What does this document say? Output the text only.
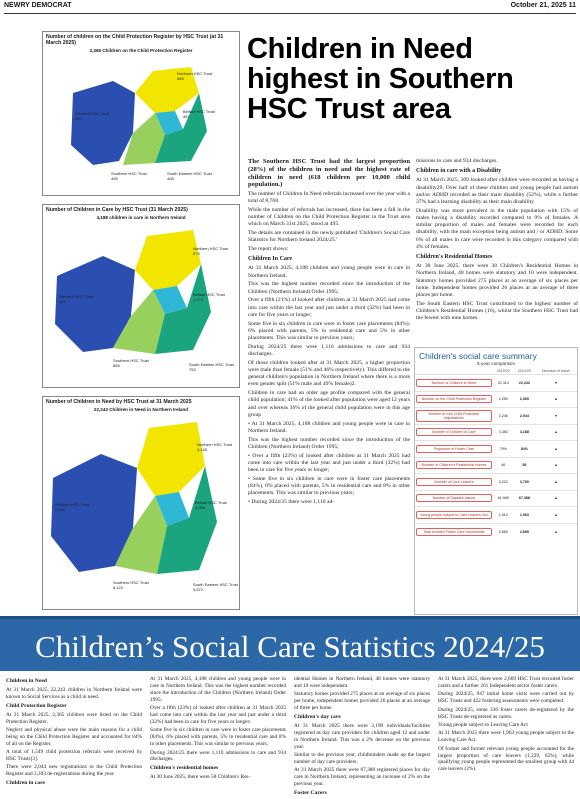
NEWRY DEMOCRAT	October 21, 2025 11
Number of children on the Child Protection Register by HSC Trust (at 31 March 2025)
2,365 Children on the Child Protection Register
Western HSC Trust 450
Northern HSC Trust 555
Belfast HSC Trust 457
Southern HSC Trust 495
South Eastern HSC Trust 408
Number of Children in Care by HSC Trust (31 March 2025)
4,188 children in care in Northern Ireland
Western HSC Trust 528
Northern HSC Trust 879
Belfast HSC Trust 1,172
Southern HSC Trust 856	South Eastern HSC Trust 753
Number of Children in Need by HSC Trust at 31 March 2025
22,243 Children in Need in Northern Ireland
Western HSC Trust 4,248
Northern HSC Trust 4,145
Belfast HSC Trust 4,056
Southern HSC Trust 6,122
South Eastern HSC Trust 3,672
Children in Need highest in Southern HSC Trust area

The Southern HSC Trust had the largest proportion (28%) of the children in need and the highest rate of children in need (618 children per 10,000 child population.)

The number of Children In Need referrals increased over the year with a total of 8,768.

While the number of referrals has increased, there has been a fall in the number of Children on the Child Protection Register in the Trust area which on March 31st 2025, stood at 495.

The details are contained in the newly published 'Children's Social Care Statistics for Northern Ireland 2024/25.'

The report shows:

Children In Care

At 31 March 2025, 4,188 children and young people were in care in Northern Ireland.

This was the highest number recorded since the introduction of the Children (Northern Ireland) Order 1995;

Over a fifth (21%) of looked after children at 31 March 2025 had come into care within the last year and just under a third (32%) had been in care for five years or longer;

Some five in six children in care were in foster care placements (84%), 6% placed with parents, 5% in residential care and 5% in other placements. This was similar to previous years;

During 2024/25 there were 1,110 admissions to care and 934 discharges.

Of those children looked after at 31 March 2025, a higher proportion were male than female (51% and 46% respectively). This differed to the general children's population in Northern Ireland where there is a more even gender split (51% male and 49% female)2.

Children in care had an older age profile compared with the general child population; 41% of the looked after population were aged 12 years and over whereas 36% of the general child population were in this age group

• At 31 March 2025, 4,188 children and young people were in care in Northern Ireland.

This was the highest number recorded since the introduction of the Children (Northern Ireland) Order 1995;

• Over a fifth (23%) of looked after children at 31 March 2025 had come into care within the last year and just under a third (32%) had been in care for five years or longer;

• Some five in six children in care were in foster care placements (84%), 6% placed with parents, 5% in residential care and 8% in other placements. This was similar to previous years;

• During 2024/25 there were 1,110 ad-

missions to care and 934 discharges.

Children in care with a Disability

At 31 March 2025, 309 looked after children were recorded as having a disability29. Over half of these children and young people had autism and/or ADHD recorded as their main disability (52%), while a further 37% had a learning disability as their main disability

Disability was more prevalent in the male population with 15% of males having a disability recorded compared to 9% of females. A similar proportion of males and females were recorded for each disability, with the main exception being autism and / or ADHD. Some 6% of all males in care were recorded in this category compared with 4% of females.

Children's Residential Homes

At 30 June 2025, there were 38 Children's Residential Homes in Northern Ireland, 48 homes were statutory and 10 were independent. Statutory homes provided 275 places at an average of six places per home. Independent homes provided 26 places at an average of three places per home.

The South Eastern HSC Trust contributed to the highest number of Children's Residential Homes (16), whilst the Southern HSC Trust had the fewest with nine homes.

Children's social care summary
5-year comparison
	2019/20	2024/25	Direction of travel

Number of Children in Need	22,414	22,243	▼

Number on the Child Protection Register	2,250	2,365	▲

Number of new Child Protection registrations	2,246	2,044	▼

Number of Children in Care	3,383	4,188	▲

Proportion in Foster Care	79%	84%	▲

Number of Children's Residential Homes	46	58	▲

Number of Care Leavers	3,222	3,790	▲

Number of Daycare places	61,969	67,388	▲

Young people subject to Care Leavers' Act	1,912	1,963	▲

Total enrolled Foster Care Households	2,669	2,689	▲
Children’s Social Care Statistics 2024/25
Children in Need

At 31 March 2025, 22,243 children in Northern Ireland were known to Social Services as a child in need.

Child Protection Register

At 31 March 2025, 2,365 children were listed on the Child Protection Register.

Neglect and physical abuse were the main reasons for a child being on the Child Protection Register and accounted for 84% of all on the Register.

A total of 1,549 child protection referrals were received by HSC Trusts[3].

There were 2,044 new registrations to the Child Protection Register and 2,303 de-registrations during the year.

Children in care

At 31 March 2025, 4,188 children and young people were in care in Northern Ireland. This was the highest number recorded since the introduction of the Children (Northern Ireland) Order 1995;

Over a fifth (23%) of looked after children at 31 March 2025 had come into care within the last year and just under a third (32%) had been in care for five years or longer;

Some five in six children in care were in foster care placements (84%), 6% placed with parents, 5% in residential care and 8% in other placements. This was similar to previous years;

During 2024/25 there were 1,110 admissions to care and 934 discharges.

Children's residential homes

At 30 June 2025, there were 58 Children's Res-

idential Homes in Northern Ireland, 48 homes were statutory and 10 were independent.

Statutory homes provided 275 places at an average of six places per home, independent homes provided 26 places at an average of three per home.

Children's day care

At 31 March 2025 there were 3,190 individuals/facilities registered as day care providers for children aged 12 and under in Northern Ireland. This was a 2% decrease on the previous year.

Similar to the previous year, childminders made up the largest number of day care providers.

At 31 March 2025 there were 67,388 registered places for day care in Northern Ireland, representing an increase of 2% on the previous year.

Foster Carers

At 31 March 2025, there were 2,669 HSC Trust recruited foster carers and a further 261 Independent sector foster carers.

During 2024/25, 947 initial home visits were carried out by HSC Trusts and 422 fostering assessments were completed.

During 2024/25, some 336 foster carers de-registered by the HSC Trusts de-registered as carers.

Young people subject to Leaving Care Act

At 31 March 2025 there were 1,963 young people subject to the Leaving Care Act.

Of former and former relevant young people accounted for the largest proportion of care leavers (1,229, 62%), while qualifying young people represented the smallest group with 44 care leavers (2%).
